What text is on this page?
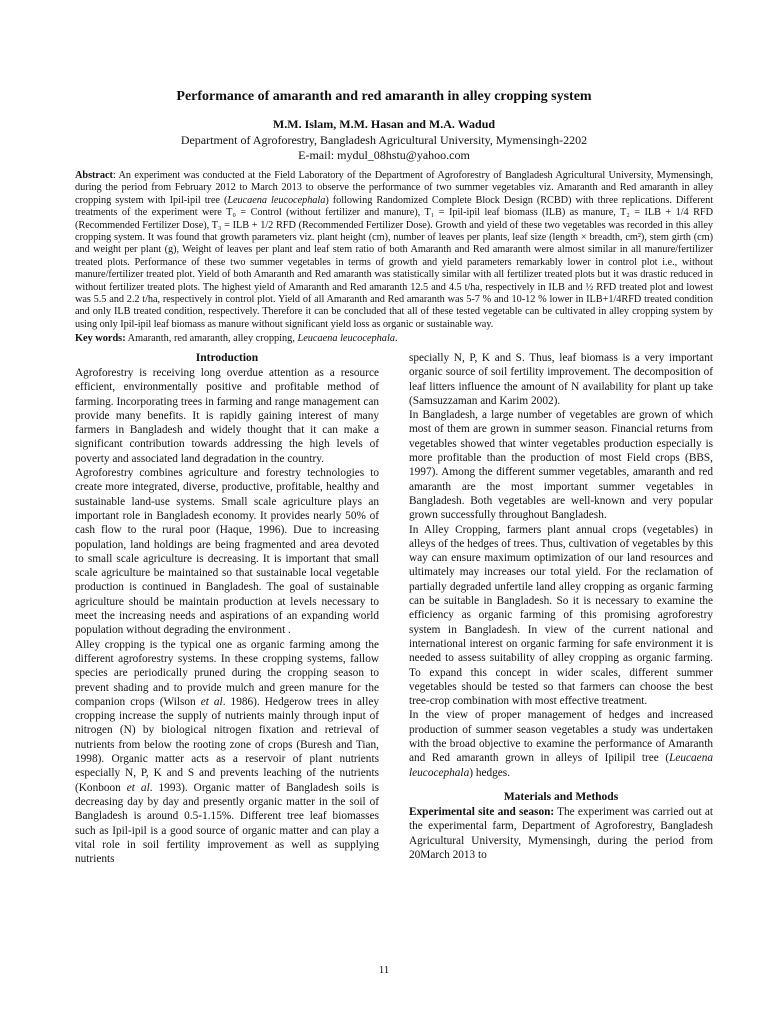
Performance of amaranth and red amaranth in alley cropping system
M.M. Islam, M.M. Hasan and M.A. Wadud
Department of Agroforestry, Bangladesh Agricultural University, Mymensingh-2202
E-mail: mydul_08hstu@yahoo.com
Abstract: An experiment was conducted at the Field Laboratory of the Department of Agroforestry of Bangladesh Agricultural University, Mymensingh, during the period from February 2012 to March 2013 to observe the performance of two summer vegetables viz. Amaranth and Red amaranth in alley cropping system with Ipil-ipil tree (Leucaena leucocephala) following Randomized Complete Block Design (RCBD) with three replications. Different treatments of the experiment were T₀ = Control (without fertilizer and manure), T₁ = Ipil-ipil leaf biomass (ILB) as manure, T₂ = ILB + 1/4 RFD (Recommended Fertilizer Dose), T₃ = ILB + 1/2 RFD (Recommended Fertilizer Dose). Growth and yield of these two vegetables was recorded in this alley cropping system. It was found that growth parameters viz. plant height (cm), number of leaves per plants, leaf size (length × breadth, cm²), stem girth (cm) and weight per plant (g), Weight of leaves per plant and leaf stem ratio of both Amaranth and Red amaranth were almost similar in all manure/fertilizer treated plots. Performance of these two summer vegetables in terms of growth and yield parameters remarkably lower in control plot i.e., without manure/fertilizer treated plot. Yield of both Amaranth and Red amaranth was statistically similar with all fertilizer treated plots but it was drastic reduced in without fertilizer treated plots. The highest yield of Amaranth and Red amaranth 12.5 and 4.5 t/ha, respectively in ILB and ½ RFD treated plot and lowest was 5.5 and 2.2 t/ha, respectively in control plot. Yield of all Amaranth and Red amaranth was 5-7 % and 10-12 % lower in ILB+1/4RFD treated condition and only ILB treated condition, respectively. Therefore it can be concluded that all of these tested vegetable can be cultivated in alley cropping system by using only Ipil-ipil leaf biomass as manure without significant yield loss as organic or sustainable way.
Key words: Amaranth, red amaranth, alley cropping, Leucaena leucocephala.

Introduction

Agroforestry is receiving long overdue attention as a resource efficient, environmentally positive and profitable method of farming. Incorporating trees in farming and range management can provide many benefits. It is rapidly gaining interest of many farmers in Bangladesh and widely thought that it can make a significant contribution towards addressing the high levels of poverty and associated land degradation in the country.

Agroforestry combines agriculture and forestry technologies to create more integrated, diverse, productive, profitable, healthy and sustainable land-use systems. Small scale agriculture plays an important role in Bangladesh economy. It provides nearly 50% of cash flow to the rural poor (Haque, 1996). Due to increasing population, land holdings are being fragmented and area devoted to small scale agriculture is decreasing. It is important that small scale agriculture be maintained so that sustainable local vegetable production is continued in Bangladesh. The goal of sustainable agriculture should be maintain production at levels necessary to meet the increasing needs and aspirations of an expanding world population without degrading the environment .

Alley cropping is the typical one as organic farming among the different agroforestry systems. In these cropping systems, fallow species are periodically pruned during the cropping season to prevent shading and to provide mulch and green manure for the companion crops (Wilson et al. 1986). Hedgerow trees in alley cropping increase the supply of nutrients mainly through input of nitrogen (N) by biological nitrogen fixation and retrieval of nutrients from below the rooting zone of crops (Buresh and Tian, 1998). Organic matter acts as a reservoir of plant nutrients especially N, P, K and S and prevents leaching of the nutrients (Konboon et al. 1993). Organic matter of Bangladesh soils is decreasing day by day and presently organic matter in the soil of Bangladesh is around 0.5-1.15%. Different tree leaf biomasses such as Ipil-ipil is a good source of organic matter and can play a vital role in soil fertility improvement as well as supplying nutrients

specially N, P, K and S. Thus, leaf biomass is a very important organic source of soil fertility improvement. The decomposition of leaf litters influence the amount of N availability for plant up take (Samsuzzaman and Karim 2002).

In Bangladesh, a large number of vegetables are grown of which most of them are grown in summer season. Financial returns from vegetables showed that winter vegetables production especially is more profitable than the production of most Field crops (BBS, 1997). Among the different summer vegetables, amaranth and red amaranth are the most important summer vegetables in Bangladesh. Both vegetables are well-known and very popular grown successfully throughout Bangladesh.

In Alley Cropping, farmers plant annual crops (vegetables) in alleys of the hedges of trees. Thus, cultivation of vegetables by this way can ensure maximum optimization of our land resources and ultimately may increases our total yield. For the reclamation of partially degraded unfertile land alley cropping as organic farming can be suitable in Bangladesh. So it is necessary to examine the efficiency as organic farming of this promising agroforestry system in Bangladesh. In view of the current national and international interest on organic farming for safe environment it is needed to assess suitability of alley cropping as organic farming. To expand this concept in wider scales, different summer vegetables should be tested so that farmers can choose the best tree-crop combination with most effective treatment.

In the view of proper management of hedges and increased production of summer season vegetables a study was undertaken with the broad objective to examine the performance of Amaranth and Red amaranth grown in alleys of Ipilipil tree (Leucaena leucocephala) hedges.

Materials and Methods

Experimental site and season: The experiment was carried out at the experimental farm, Department of Agroforestry, Bangladesh Agricultural University, Mymensingh, during the period from 20March 2013 to

11
